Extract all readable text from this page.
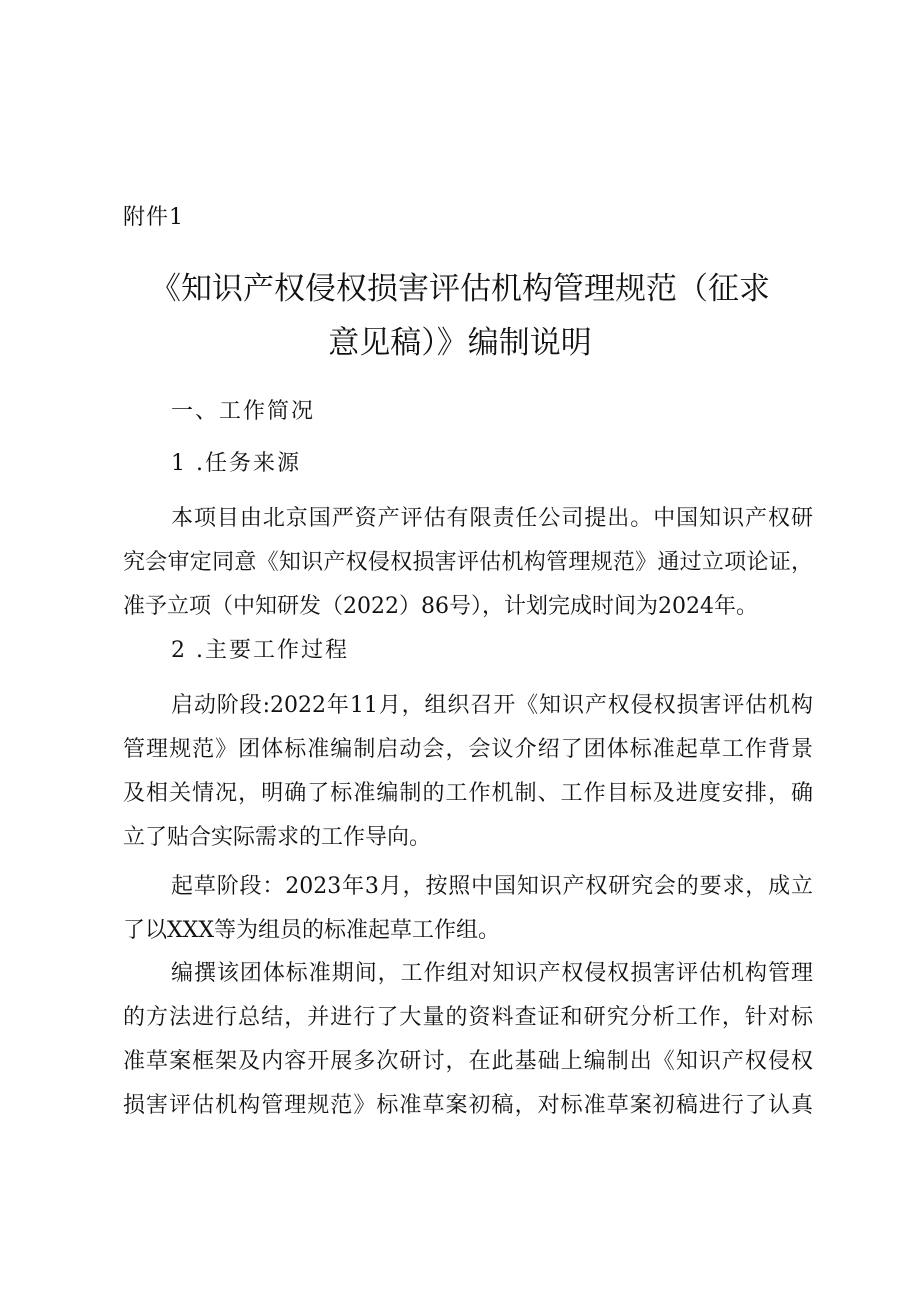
附件1
《知识产权侵权损害评估机构管理规范（征求
意见稿）》编制说明
一、工作简况
1 .任务来源
本项目由北京国严资产评估有限责任公司提出。中国知识产权研
究会审定同意《知识产权侵权损害评估机构管理规范》通过立项论证，
准予立项（中知研发（2022）86号），计划完成时间为2024年。
2 .主要工作过程
启动阶段:2022年11月，组织召开《知识产权侵权损害评估机构
管理规范》团体标准编制启动会，会议介绍了团体标准起草工作背景
及相关情况，明确了标准编制的工作机制、工作目标及进度安排，确
立了贴合实际需求的工作导向。
起草阶段：2023年3月，按照中国知识产权研究会的要求，成立
了以XXX等为组员的标准起草工作组。
编撰该团体标准期间，工作组对知识产权侵权损害评估机构管理
的方法进行总结，并进行了大量的资料查证和研究分析工作，针对标
准草案框架及内容开展多次研讨，在此基础上编制出《知识产权侵权
损害评估机构管理规范》标准草案初稿，对标准草案初稿进行了认真
